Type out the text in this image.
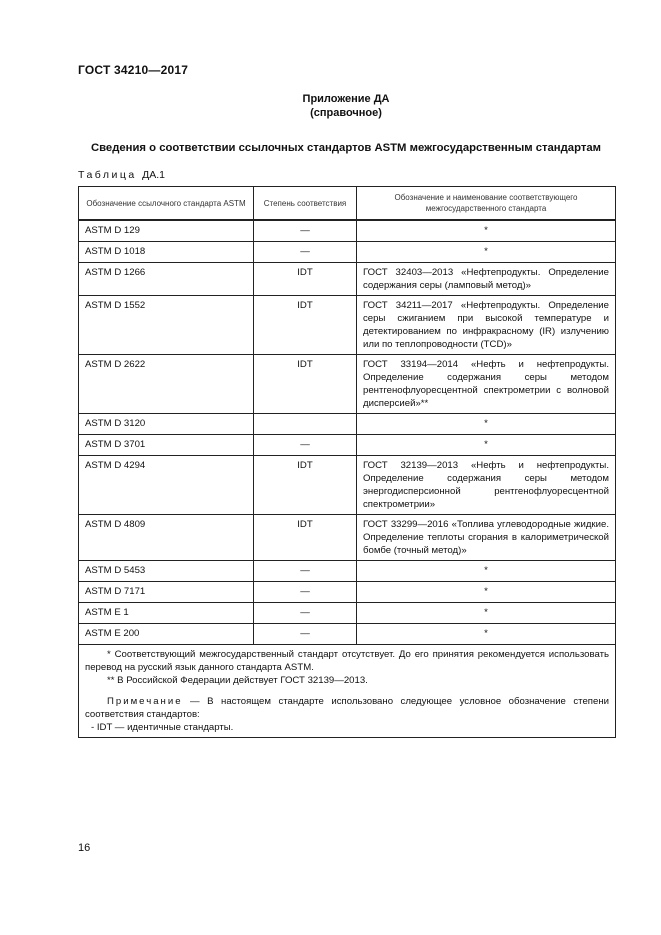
ГОСТ 34210—2017
Приложение ДА
(справочное)
Сведения о соответствии ссылочных стандартов ASTM межгосударственным стандартам
Таблица ДА.1
Обозначение ссылочного стандарта ASTM	Степень соответствия	Обозначение и наименование соответствующего межгосударственного стандарта
ASTM D 129	—	*
ASTM D 1018	—	*
ASTM D 1266	IDT	ГОСТ 32403—2013 «Нефтепродукты. Определение содержания серы (ламповый метод)»
ASTM D 1552	IDT	ГОСТ 34211—2017 «Нефтепродукты. Определение серы сжиганием при высокой температуре и детектированием по инфракрасному (IR) излучению или по теплопроводности (TCD)»
ASTM D 2622	IDT	ГОСТ 33194—2014 «Нефть и нефтепродукты. Определение содержания серы методом рентгенофлуоресцентной спектрометрии с волновой дисперсией»**
ASTM D 3120		*
ASTM D 3701	—	*
ASTM D 4294	IDT	ГОСТ 32139—2013 «Нефть и нефтепродукты. Определение содержания серы методом энергодисперсионной рентгенофлуоресцентной спектрометрии»
ASTM D 4809	IDT	ГОСТ 33299—2016 «Топлива углеводородные жидкие. Определение теплоты сгорания в калориметрической бомбе (точный метод)»
ASTM D 5453	—	*
ASTM D 7171	—	*
ASTM E 1	—	*
ASTM E 200	—	*

* Соответствующий межгосударственный стандарт отсутствует. До его принятия рекомендуется использовать перевод на русский язык данного стандарта ASTM.
** В Российской Федерации действует ГОСТ 32139—2013.
Примечание — В настоящем стандарте использовано следующее условное обозначение степени соответствия стандартов:
- IDT — идентичные стандарты.		
16
